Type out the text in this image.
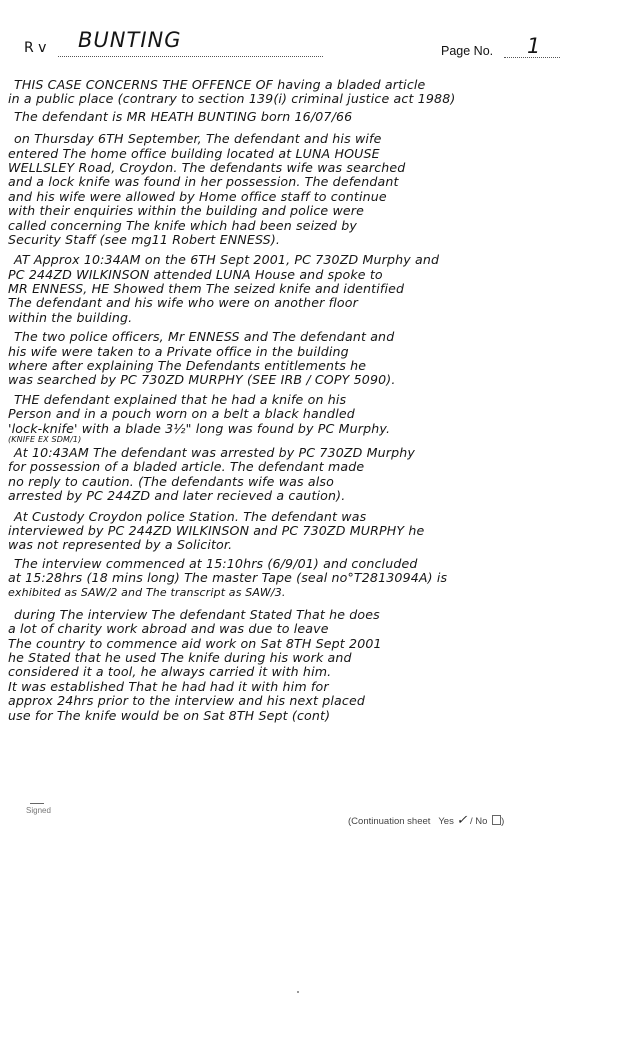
R v BUNTING	Page No. 1
THIS CASE CONCERNS THE OFFENCE OF having a bladed article
in a public place (contrary to section 139(i) criminal justice act 1988)
The defendant is MR HEATH BUNTING born 16/07/66
on Thursday 6TH September, The defendant and his wife
entered The home office building located at LUNA HOUSE
WELLSLEY Road, Croydon. The defendants wife was searched
and a lock knife was found in her possession. The defendant
and his wife were allowed by Home office staff to continue
with their enquiries within the building and police were
called concerning The knife which had been seized by
Security Staff (see mg11 Robert ENNESS).
AT Approx 10:34AM on the 6TH Sept 2001, PC 730ZD Murphy and
PC 244ZD WILKINSON attended LUNA House and spoke to
MR ENNESS, HE Showed them The seized knife and identified
The defendant and his wife who were on another floor
within the building.
The two police officers, Mr ENNESS and The defendant and
his wife were taken to a Private office in the building
where after explaining The Defendants entitlements he
was searched by PC 730ZD MURPHY (SEE IRB / COPY 5090).
THE defendant explained that he had a knife on his
Person and in a pouch worn on a belt a black handled
'lock-knife' with a blade 3½" long was found by PC Murphy.
(KNIFE EX SDM/1)
At 10:43AM The defendant was arrested by PC 730ZD Murphy
for possession of a bladed article. The defendant made
no reply to caution. (The defendants wife was also
arrested by PC 244ZD and later recieved a caution).
At Custody Croydon police Station. The defendant was
interviewed by PC 244ZD WILKINSON and PC 730ZD MURPHY he
was not represented by a Solicitor.
The interview commenced at 15:10hrs (6/9/01) and concluded
at 15:28hrs (18 mins long) The master Tape (seal no°T2813094A) is
exhibited as SAW/2 and The transcript as SAW/3.
during The interview The defendant Stated That he does
a lot of charity work abroad and was due to leave
The country to commence aid work on Sat 8TH Sept 2001
he Stated that he used The knife during his work and
considered it a tool, he always carried it with him.
It was established That he had had it with him for
approx 24hrs prior to the interview and his next placed
use for The knife would be on Sat 8TH Sept (cont)
Signed
(Continuation sheet Yes ✓ / No )
